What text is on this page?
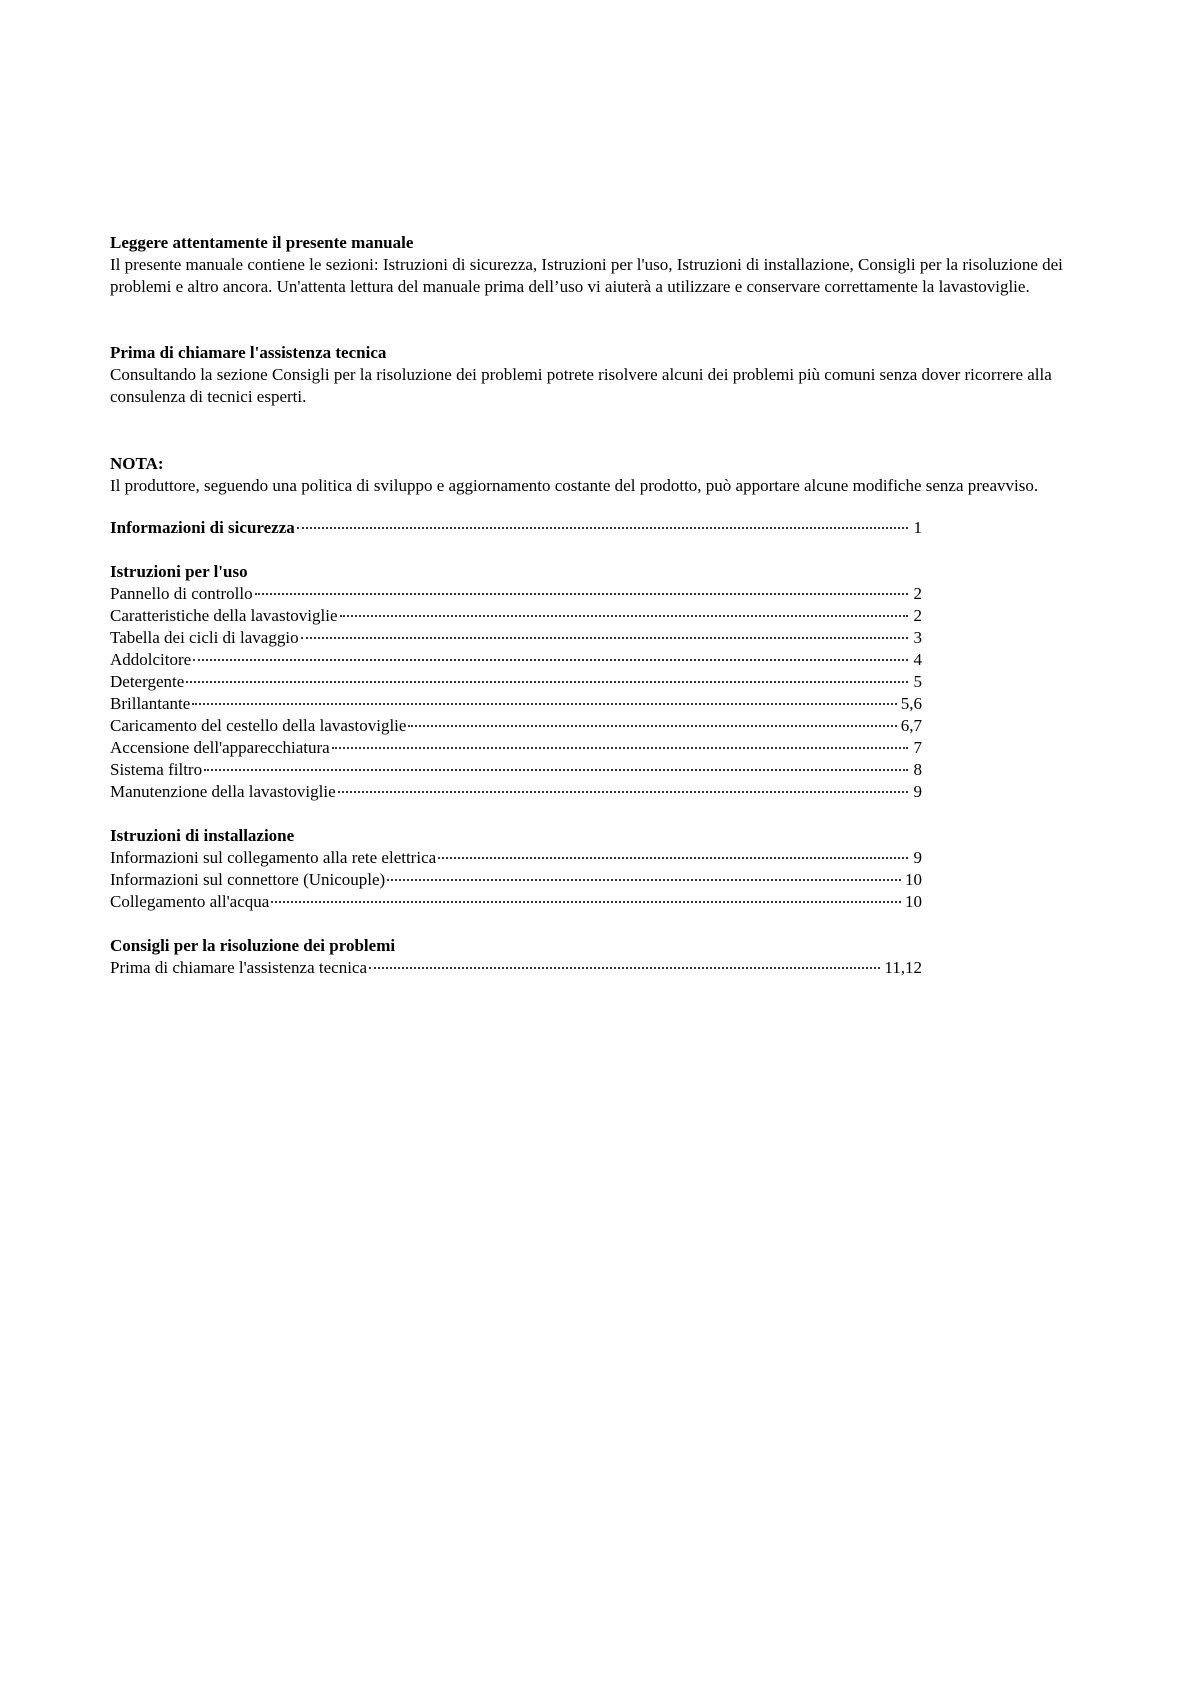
Leggere attentamente il presente manuale
Il presente manuale contiene le sezioni: Istruzioni di sicurezza, Istruzioni per l'uso, Istruzioni di installazione, Consigli per la risoluzione dei problemi e altro ancora. Un'attenta lettura del manuale prima dell’uso vi aiuterà a utilizzare e conservare correttamente la lavastoviglie.
Prima di chiamare l'assistenza tecnica
Consultando la sezione Consigli per la risoluzione dei problemi potrete risolvere alcuni dei problemi più comuni senza dover ricorrere alla consulenza di tecnici esperti.
NOTA:
Il produttore, seguendo una politica di sviluppo e aggiornamento costante del prodotto, può apportare alcune modifiche senza preavviso.
Informazioni di sicurezza	1
Istruzioni per l'uso
Pannello di controllo	2
Caratteristiche della lavastoviglie	2
Tabella dei cicli di lavaggio	3
Addolcitore	4
Detergente	5
Brillantante	5,6
Caricamento del cestello della lavastoviglie	6,7
Accensione dell'apparecchiatura	7
Sistema filtro	8
Manutenzione della lavastoviglie	9
Istruzioni di installazione
Informazioni sul collegamento alla rete elettrica	9
Informazioni sul connettore (Unicouple)	10
Collegamento all'acqua	10
Consigli per la risoluzione dei problemi
Prima di chiamare l'assistenza tecnica	11,12
